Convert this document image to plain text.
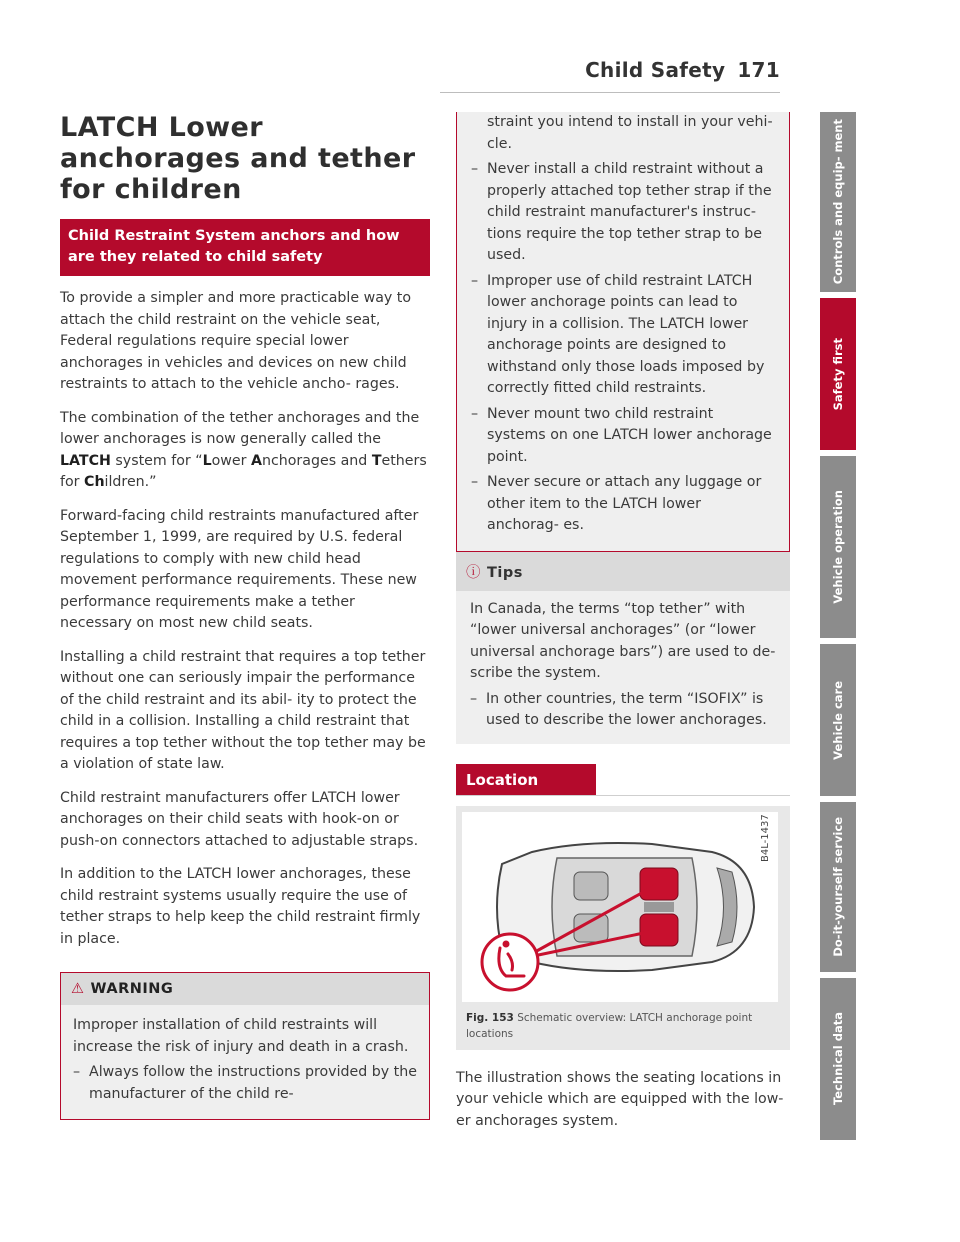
Child Safety 171
LATCH Lower
anchorages and tether
for children
Child Restraint System anchors and how are they related to child safety

To provide a simpler and more practicable way to attach the child restraint on the vehicle seat, Federal regulations require special lower anchorages in vehicles and devices on new child restraints to attach to the vehicle ancho- rages.

The combination of the tether anchorages and the lower anchorages is now generally called the LATCH system for “Lower Anchorages and Tethers for Children.”

Forward-facing child restraints manufactured after September 1, 1999, are required by U.S. federal regulations to comply with new child head movement performance requirements. These new performance requirements make a tether necessary on most new child seats.

Installing a child restraint that requires a top tether without one can seriously impair the performance of the child restraint and its abil- ity to protect the child in a collision. Installing a child restraint that requires a top tether without the top tether may be a violation of state law.

Child restraint manufacturers offer LATCH lower anchorages on their child seats with hook-on or push-on connectors attached to adjustable straps.

In addition to the LATCH lower anchorages, these child restraint systems usually require the use of tether straps to help keep the child restraint firmly in place.

⚠ WARNING

Improper installation of child restraints will increase the risk of injury and death in a crash.

– Always follow the instructions provided by the manufacturer of the child re-

straint you intend to install in your vehi- cle.

– Never install a child restraint without a properly attached top tether strap if the child restraint manufacturer's instruc- tions require the top tether strap to be used.
– Improper use of child restraint LATCH lower anchorage points can lead to injury in a collision. The LATCH lower anchorage points are designed to withstand only those loads imposed by correctly fitted child restraints.
– Never mount two child restraint systems on one LATCH lower anchorage point.
– Never secure or attach any luggage or other item to the LATCH lower anchorag- es.
ⓘ Tips

In Canada, the terms “top tether” with “lower universal anchorages” (or “lower universal anchorage bars”) are used to de- scribe the system.

– In other countries, the term “ISOFIX” is used to describe the lower anchorages.
Location
B4L-1437
Fig. 153 Schematic overview: LATCH anchorage point locations

The illustration shows the seating locations in your vehicle which are equipped with the low- er anchorages system.

Controls and equip- ment
Safety first
Vehicle operation
Vehicle care
Do-it-yourself service
Technical data
